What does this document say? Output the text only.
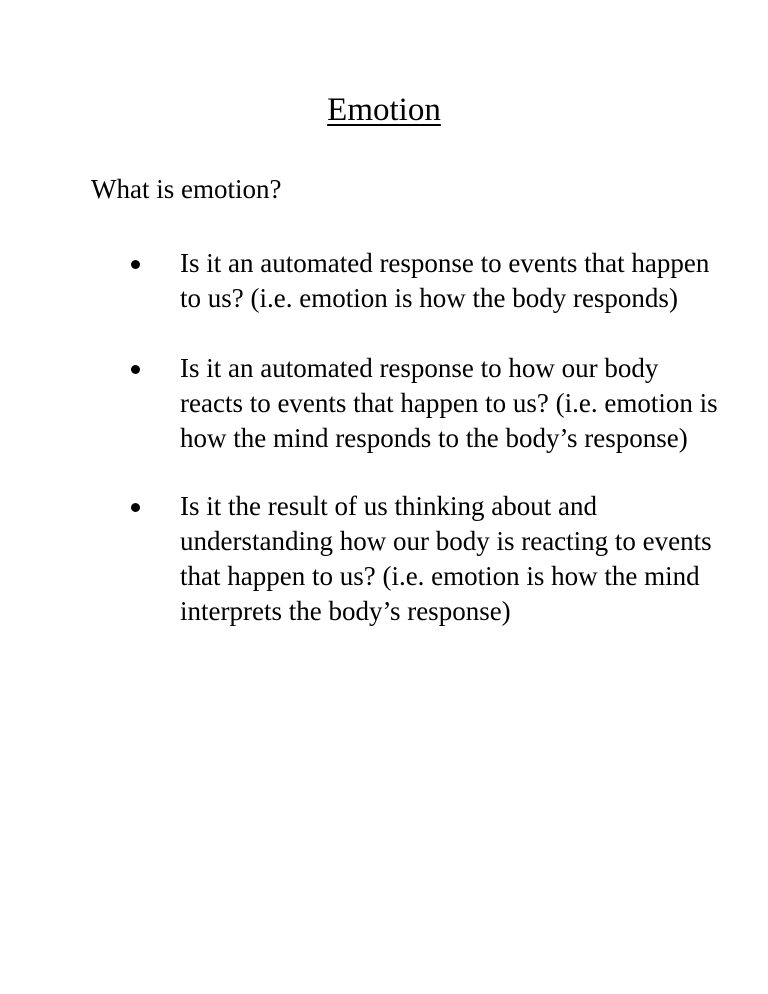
Emotion

What is emotion?

Is it an automated response to events that happen to us? (i.e. emotion is how the body responds)
Is it an automated response to how our body reacts to events that happen to us? (i.e. emotion is how the mind responds to the body’s response)
Is it the result of us thinking about and understanding how our body is reacting to events that happen to us? (i.e. emotion is how the mind interprets the body’s response)
